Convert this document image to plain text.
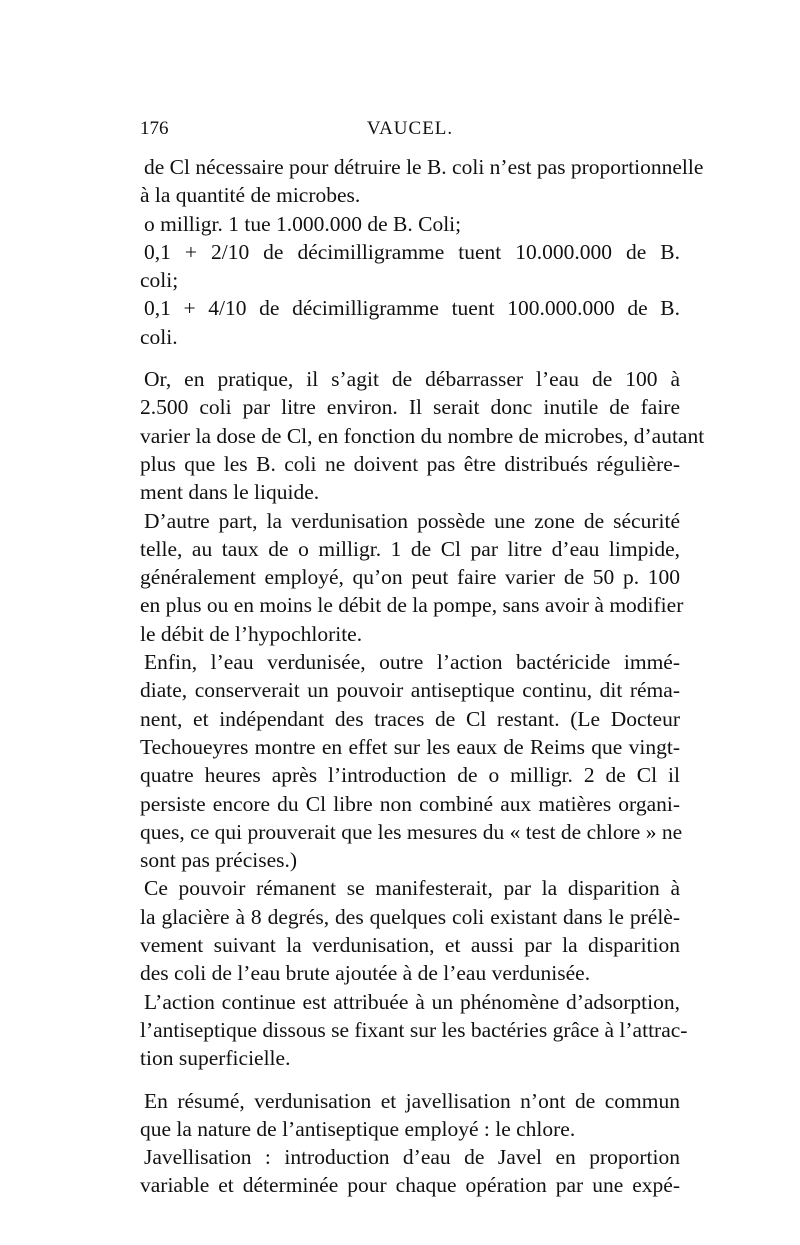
176	VAUCEL.
de Cl nécessaire pour détruire le B. coli n’est pas proportionnelle
à la quantité de microbes.
o milligr. 1 tue 1.000.000 de B. Coli;
0,1 + 2/10 de décimilligramme tuent 10.000.000 de B.
coli;
0,1 + 4/10 de décimilligramme tuent 100.000.000 de B.
coli.
Or, en pratique, il s’agit de débarrasser l’eau de 100 à
2.500 coli par litre environ. Il serait donc inutile de faire
varier la dose de Cl, en fonction du nombre de microbes, d’autant
plus que les B. coli ne doivent pas être distribués régulière-
ment dans le liquide.
D’autre part, la verdunisation possède une zone de sécurité
telle, au taux de o milligr. 1 de Cl par litre d’eau limpide,
généralement employé, qu’on peut faire varier de 50 p. 100
en plus ou en moins le débit de la pompe, sans avoir à modifier
le débit de l’hypochlorite.
Enfin, l’eau verdunisée, outre l’action bactéricide immé-
diate, conserverait un pouvoir antiseptique continu, dit réma-
nent, et indépendant des traces de Cl restant. (Le Docteur
Techoueyres montre en effet sur les eaux de Reims que vingt-
quatre heures après l’introduction de o milligr. 2 de Cl il
persiste encore du Cl libre non combiné aux matières organi-
ques, ce qui prouverait que les mesures du « test de chlore » ne
sont pas précises.)
Ce pouvoir rémanent se manifesterait, par la disparition à
la glacière à 8 degrés, des quelques coli existant dans le prélè-
vement suivant la verdunisation, et aussi par la disparition
des coli de l’eau brute ajoutée à de l’eau verdunisée.
L’action continue est attribuée à un phénomène d’adsorption,
l’antiseptique dissous se fixant sur les bactéries grâce à l’attrac-
tion superficielle.
En résumé, verdunisation et javellisation n’ont de commun
que la nature de l’antiseptique employé : le chlore.
Javellisation : introduction d’eau de Javel en proportion
variable et déterminée pour chaque opération par une expé-
